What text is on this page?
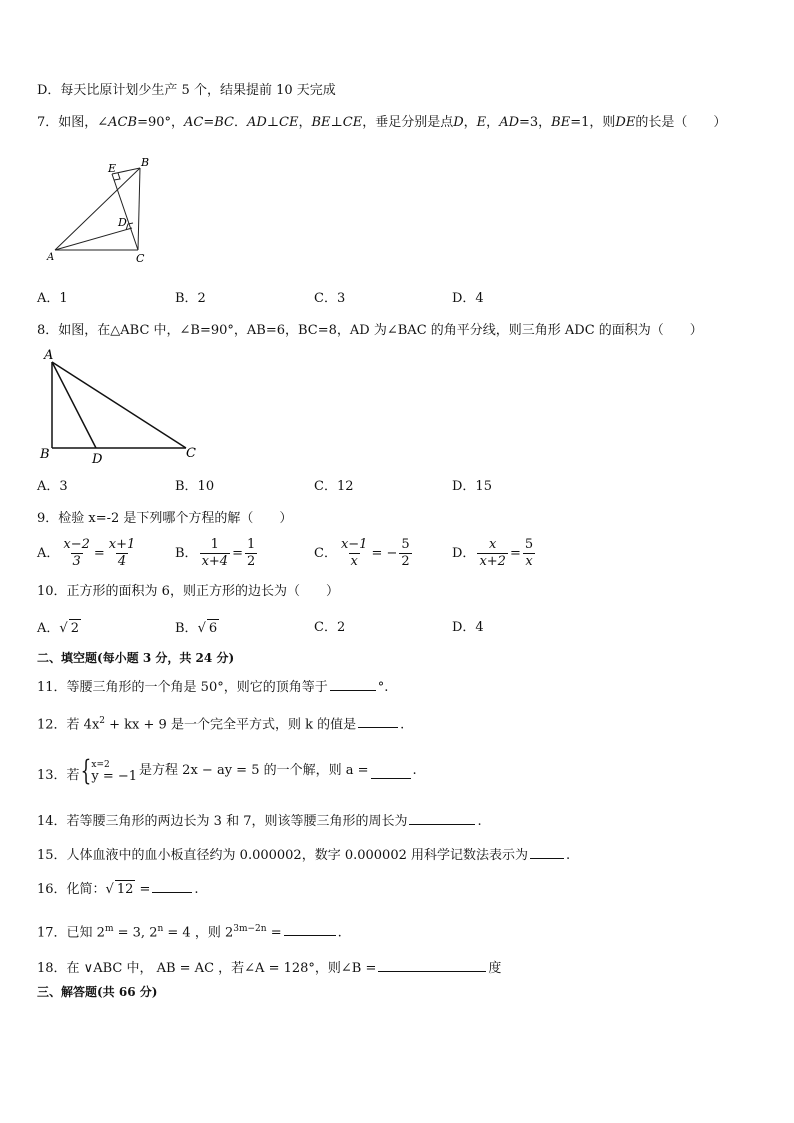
D．每天比原计划少生产 5 个，结果提前 10 天完成
7．如图，∠ACB=90°，AC=BC．AD⊥CE，BE⊥CE，垂足分别是点D，E，AD=3，BE=1，则DE的长是（　　）
A
B
C
D
E
A．1	B．2	C．3	D．4
8．如图，在△ABC 中，∠B=90°，AB=6，BC=8，AD 为∠BAC 的角平分线，则三角形 ADC 的面积为（　　）
A
B	C
D
A．3	B．10	C．12	D．15
9．检验 x=-2 是下列哪个方程的解（　　）
A． $\frac{x-2}{3} = \frac{x+1}{4}$	B． $\frac{1}{x+4} = \frac{1}{2}$	C． $\frac{x-1}{x}$ = − $\frac{5}{2}$	D． $\frac{x}{x+2} = \frac{5}{x}$
10．正方形的面积为 6，则正方形的边长为（　　）
A．√ 2	B．√ 6	C．2	D．4
二、填空题(每小题 3 分，共 24 分)
11．等腰三角形的一个角是 50°，则它的顶角等于	°.
12．若 $4x^2$ + kx + 9 是一个完全平方式，则 k 的值是	.
13．若{ x=2
y = −1 是方程 2x − ay = 5 的一个解，则 a =	.
14．若等腰三角形的两边长为 3 和 7，则该等腰三角形的周长为	.
15．人体血液中的血小板直径约为 0.000002，数字 0.000002 用科学记数法表示为	.
16．化简：√ 12 =	.
17．已知 $2^m = 3$, $2^n = 4$ ，则 $2^{3m-2n}$ =	.
18．在 ∨ABC 中， AB = AC ，若∠A = 128°，则∠B =	度
三、解答题(共 66 分)
